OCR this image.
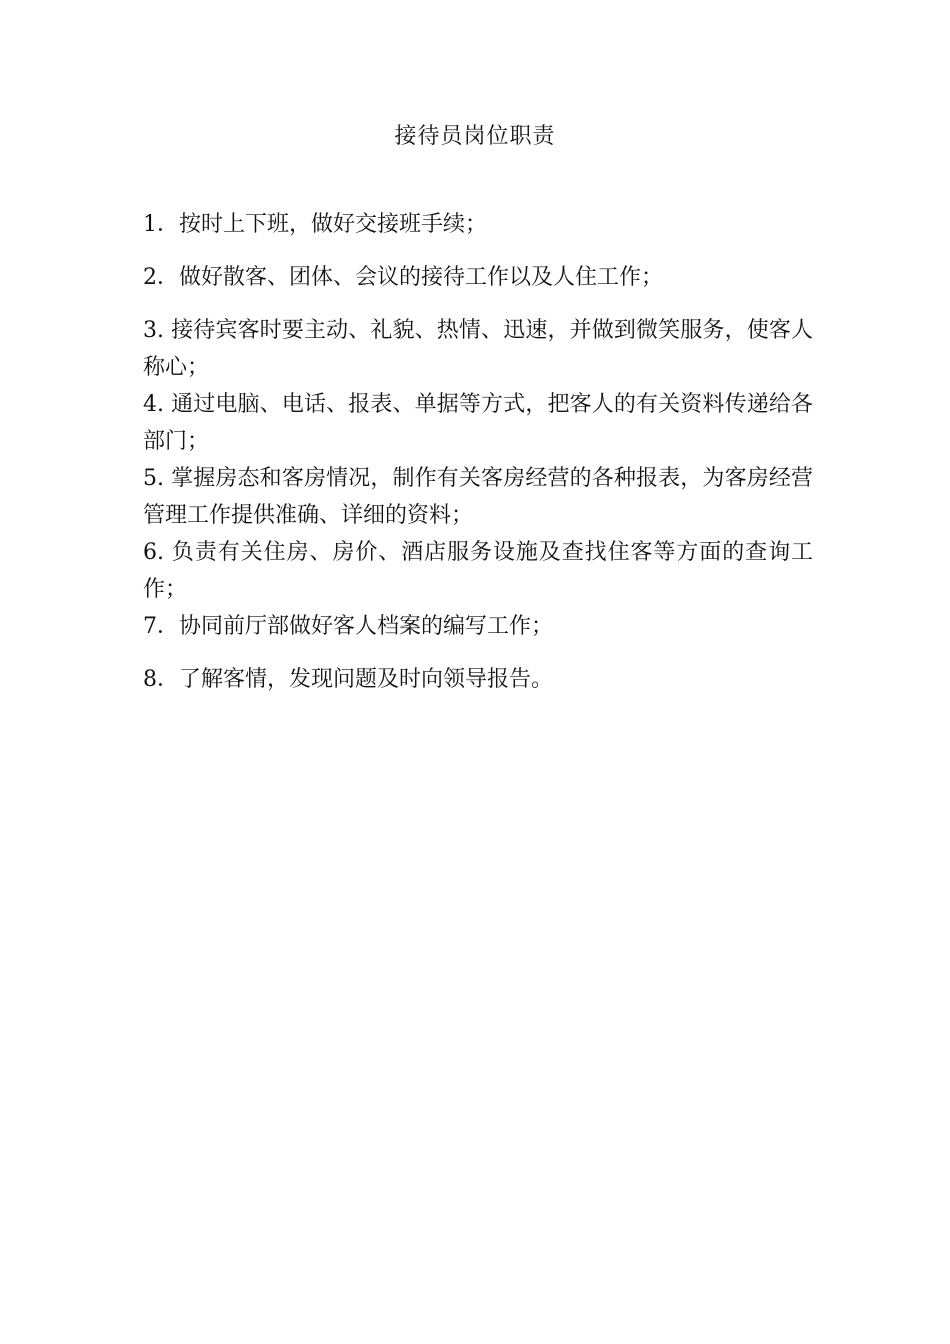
接待员岗位职责

1．按时上下班，做好交接班手续；

2．做好散客、团体、会议的接待工作以及人住工作；

3. 接待宾客时要主动、礼貌、热情、迅速，并做到微笑服务，使客人称心；

4. 通过电脑、电话、报表、单据等方式，把客人的有关资料传递给各部门；

5. 掌握房态和客房情况，制作有关客房经营的各种报表，为客房经营管理工作提供准确、详细的资料；

6. 负责有关住房、房价、酒店服务设施及查找住客等方面的查询工作；

7．协同前厅部做好客人档案的编写工作；

8．了解客情，发现问题及时向领导报告。
